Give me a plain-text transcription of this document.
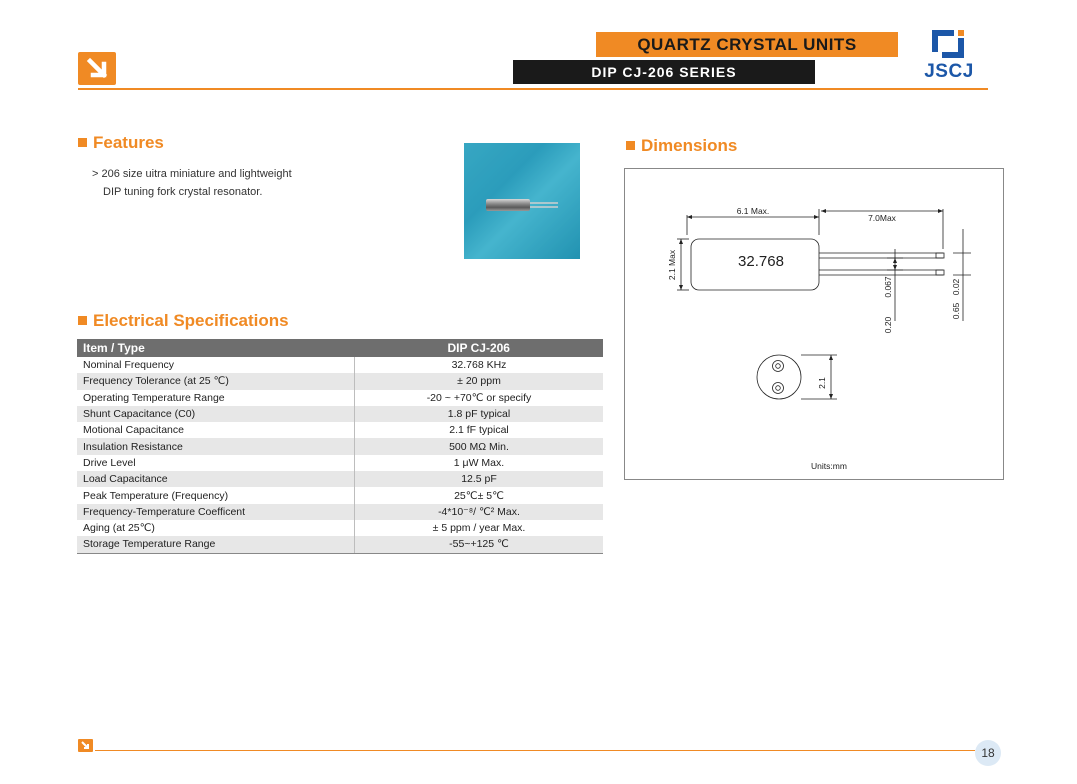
QUARTZ CRYSTAL UNITS
DIP CJ-206 SERIES	JSCJ
Features
> 206 size uitra miniature and lightweight
DIP tuning fork crystal resonator.
Electrical Specifications
Item / Type	DIP CJ-206
Nominal Frequency	32.768 KHz
Frequency Tolerance (at 25 ℃)	± 20 ppm
Operating Temperature Range	-20 ~ +70℃ or specify
Shunt Capacitance (C0)	1.8 pF typical
Motional Capacitance	2.1 fF typical
Insulation Resistance	500 MΩ Min.
Drive Level	1 μW Max.
Load Capacitance	12.5 pF
Peak Temperature (Frequency)	25℃± 5℃
Frequency-Temperature Coefficent	-4*10⁻⁸/ ℃² Max.
Aging (at 25℃)	± 5 ppm / year Max.
Storage Temperature Range	-55~+125 ℃
Dimensions
6.1 Max.
7.0Max
2.1 Max
0.067	0.02
0.20
0.65
2.1
Units:mm
32.768
18
